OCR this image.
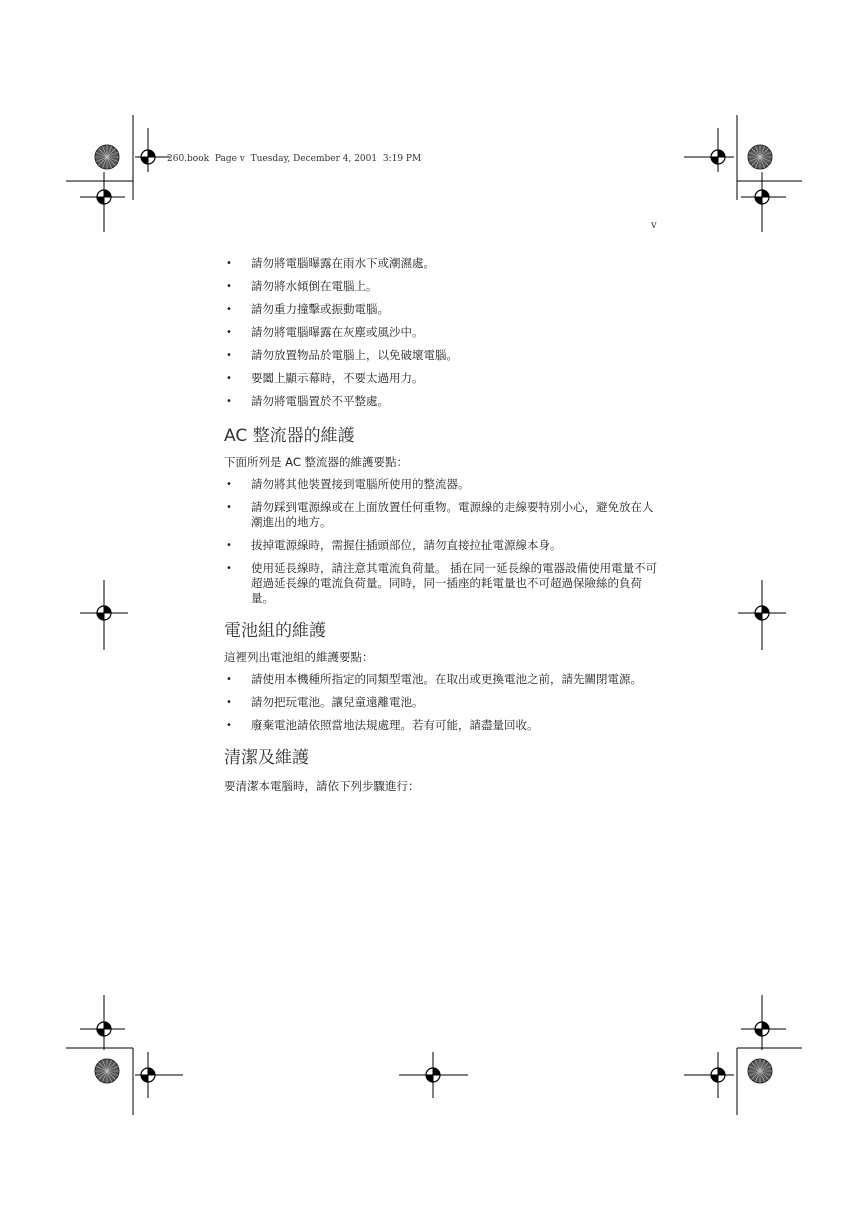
260.book  Page v  Tuesday, December 4, 2001  3:19 PM
v
• 請勿將電腦曝露在雨水下或潮濕處。
• 請勿將水傾倒在電腦上。
• 請勿重力撞擊或振動電腦。
• 請勿將電腦曝露在灰塵或風沙中。
• 請勿放置物品於電腦上，以免破壞電腦。
• 要闔上顯示幕時，不要太過用力。
• 請勿將電腦置於不平整處。
AC 整流器的維護

下面所列是 AC 整流器的維護要點：

• 請勿將其他裝置接到電腦所使用的整流器。
• 請勿踩到電源線或在上面放置任何重物。電源線的走線要特別小心，避免放在人潮進出的地方。
• 拔掉電源線時，需握住插頭部位，請勿直接拉扯電源線本身。
• 使用延長線時，請注意其電流負荷量。 插在同一延長線的電器設備使用電量不可超過延長線的電流負荷量。同時，同一插座的耗電量也不可超過保險絲的負荷量。
電池組的維護

這裡列出電池組的維護要點：

• 請使用本機種所指定的同類型電池。在取出或更換電池之前，請先關閉電源。
• 請勿把玩電池。讓兒童遠離電池。
• 廢棄電池請依照當地法規處理。若有可能，請盡量回收。
清潔及維護

要清潔本電腦時，請依下列步驟進行：
